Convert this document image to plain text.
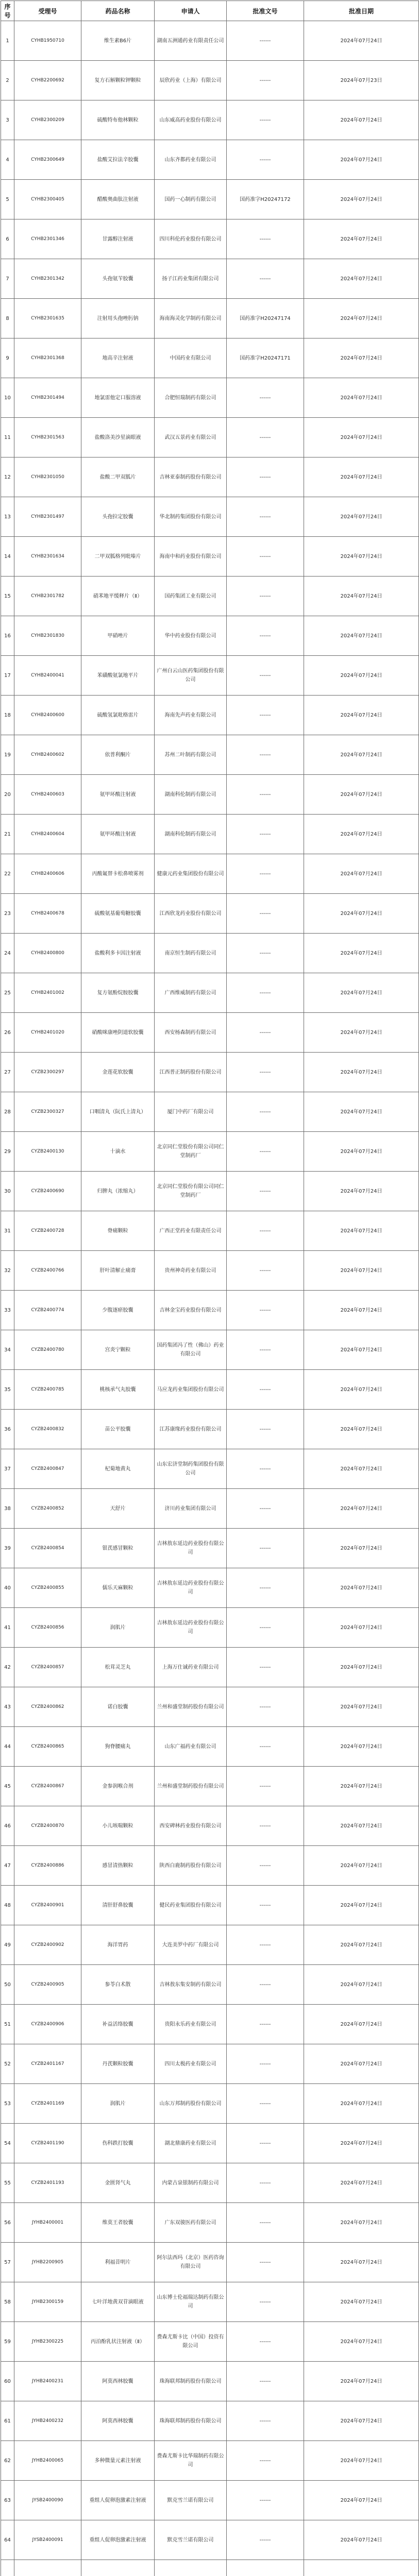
序号	受理号	药品名称	申请人	批准文号	批准日期
1	CYHB1950710	维生素B6片	湖南五洲通药业有限责任公司	------	2024年07月24日
2	CYHB2200692	复方石斛颗粒钾颗粒	辰欣药业（上海）有限公司	------	2024年07月23日
3	CYHB2300209	硫酸特布他林颗粒	山东威高药业股份有限公司	------	2024年07月24日
4	CYHB2300649	盐酸艾拉法辛胶囊	山东齐都药业有限公司	------	2024年07月24日
5	CYHB2300405	醋酸奥曲肽注射液	国药一心制药有限公司	国药准字H20247172	2024年07月24日
6	CYHB2301346	甘露醇注射液	四川科伦药业股份有限公司	------	2024年07月24日
7	CYHB2301342	头孢氨苄胶囊	扬子江药业集团有限公司	------	2024年07月24日
8	CYHB2301635	注射用头孢唑肟钠	海南海灵化学制药有限公司	国药准字H20247174	2024年07月24日
9	CYHB2301368	地高辛注射液	中国药业有限公司	国药准字H20247171	2024年07月24日
10	CYHB2301494	地氯雷他定口服溶液	合肥恒瑞制药有限公司	------	2024年07月24日
11	CYHB2301563	盐酸洛美沙星滴眼液	武汉五景药业有限公司	------	2024年07月24日
12	CYHB2301050	盐酸二甲双胍片	吉林亚泰制药股份有限公司	------	2024年07月24日
13	CYHB2301497	头孢拉定胶囊	华北制药集团股份有限公司	------	2024年07月24日
14	CYHB2301634	二甲双胍格列吡嗪片	海南中和药业股份有限公司	------	2024年07月24日
15	CYHB2301782	硝苯地平缓释片（Ⅱ）	国药集团工业有限公司	------	2024年07月24日
16	CYHB2301830	甲硝唑片	华中药业股份有限公司	------	2024年07月24日
17	CYHB2400041	苯磺酸氨氯地平片	广州白云山医药集团股份有限公司	------	2024年07月24日
18	CYHB2400600	硫酸氢氯吡格雷片	海南先声药业有限公司	------	2024年07月24日
19	CYHB2400602	依普利酮片	苏州二叶制药有限公司	------	2024年07月24日
20	CYHB2400603	氨甲环酸注射液	湖南科伦制药有限公司	------	2024年07月24日
21	CYHB2400604	氨甲环酸注射液	湖南科伦制药有限公司	------	2024年07月24日
22	CYHB2400606	丙酸氟替卡松鼻喷雾剂	健康元药业集团股份有限公司	------	2024年07月24日
23	CYHB2400678	硫酸氨基葡萄糖胶囊	江西欣龙药业股份有限公司	------	2024年07月24日
24	CYHB2400800	盐酸利多卡因注射液	南京恒生制药有限公司	------	2024年07月24日
25	CYHB2401002	复方氨酚烷胺胶囊	广西维威制药有限公司	------	2024年07月24日
26	CYHB2401020	硝酸咪康唑阴道软胶囊	西安杨森制药有限公司	------	2024年07月24日
27	CYZB2300297	金莲花软胶囊	江西普正制药股份有限公司	------	2024年07月24日
28	CYZB2300327	口咽清丸（阮氏上清丸）	厦门中药厂有限公司	------	2024年07月24日
29	CYZB2400130	十滴水	北京同仁堂股份有限公司同仁堂制药厂	------	2024年07月24日
30	CYZB2400690	归脾丸（浓缩丸）	北京同仁堂股份有限公司同仁堂制药厂	------	2024年07月24日
31	CYZB2400728	脊痛颗粒	广西正堂药业有限责任公司	------	2024年07月24日
32	CYZB2400766	肝叶清解止痛膏	贵州神奇药业有限公司	------	2024年07月24日
33	CYZB2400774	少腹逐瘀胶囊	吉林金宝药业股份有限公司	------	2024年07月24日
34	CYZB2400780	宫炎宁颗粒	国药集团冯了性（佛山）药业有限公司	------	2024年07月24日
35	CYZB2400785	桃核承气丸胶囊	马应龙药业集团股份有限公司	------	2024年07月24日
36	CYZB2400832	苗公平胶囊	江苏康缘药业股份有限公司	------	2024年07月24日
37	CYZB2400847	杞菊地黄丸	山东宏济堂制药集团股份有限公司	------	2024年07月24日
38	CYZB2400852	天舒片	济川药业集团有限公司	------	2024年07月24日
39	CYZB2400854	银芪感冒颗粒	吉林敖东延边药业股份有限公司	------	2024年07月24日
40	CYZB2400855	儒乐天麻颗粒	吉林敖东延边药业股份有限公司	------	2024年07月24日
41	CYZB2400856	润肌片	吉林敖东延边药业股份有限公司	------	2024年07月24日
42	CYZB2400857	松茸灵芝丸	上海万仕诚药业有限公司	------	2024年07月24日
43	CYZB2400862	诺白胶囊	兰州和盛堂制药股份有限公司	------	2024年07月24日
44	CYZB2400865	狗脊腰痛丸	山东广福药业有限公司	------	2024年07月24日
45	CYZB2400867	金参润喉合剂	兰州和盛堂制药股份有限公司	------	2024年07月24日
46	CYZB2400870	小儿咳喘颗粒	西安碑林药业股份有限公司	------	2024年07月24日
47	CYZB2400886	感冒清热颗粒	陕西白鹿制药股份有限公司	------	2024年07月24日
48	CYZB2400901	清肝舒鼻胶囊	健民药业集团股份有限公司	------	2024年07月24日
49	CYZB2400902	海洋胃药	大连美罗中药厂有限公司	------	2024年07月24日
50	CYZB2400905	参苓白术散	吉林敖东集安制药有限公司	------	2024年07月24日
51	CYZB2400906	补益活络胶囊	贵阳永乐药业有限公司	------	2024年07月24日
52	CYZB2401167	丹芪颗粒胶囊	四川太极药业有限公司	------	2024年07月24日
53	CYZB2401169	润肌片	山东万邦制药股份有限公司	------	2024年07月24日
54	CYZB2401190	伤科跌打胶囊	湖北鼎康药业有限公司	------	2024年07月24日
55	CYZB2401193	金匮肾气丸	内蒙古泉银制药有限公司	------	2024年07月24日
56	JYHB2400001	维莫王者胶囊	广东双骏医药有限公司	------	2024年07月24日
57	JYHB2200905	利福昔明片	阿尔法西玛（北京）医药咨询有限公司	------	2024年07月24日
58	JYHB2300159	七叶洋地黄双苷滴眼液	山东博士伦福瑞达制药有限公司	------	2024年07月24日
59	JYHB2300225	丙泊酚乳状注射液（Ⅱ）	费森尤斯卡比（中国）投资有限公司	------	2024年07月24日
60	JYHB2400231	阿莫西林胶囊	珠海联邦制药股份有限公司	------	2024年07月24日
61	JYHB2400232	阿莫西林胶囊	珠海联邦制药股份有限公司	------	2024年07月24日
62	JYHB2400065	多种微量元素注射液	费森尤斯卡比华瑞制药有限公司	------	2024年07月24日
63	JYSB2400090	重组人促卵泡激素注射液	默克雪兰诺有限公司	------	2024年07月24日
64	JYSB2400091	重组人促卵泡激素注射液	默克雪兰诺有限公司	------	2024年07月24日
